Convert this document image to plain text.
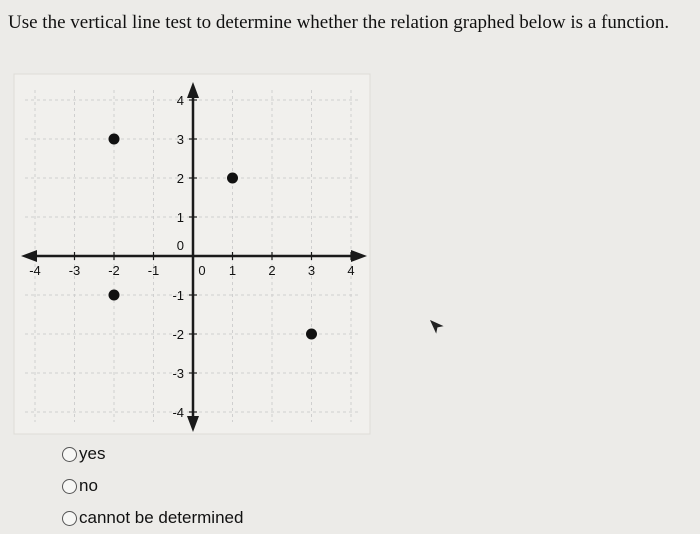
Use the vertical line test to determine whether the relation graphed below is a function.
-4 -3 -2 -1	0 1 2 3 4
4
3
2
1
0
-1
-2
-3
-4
yes
no
cannot be determined
